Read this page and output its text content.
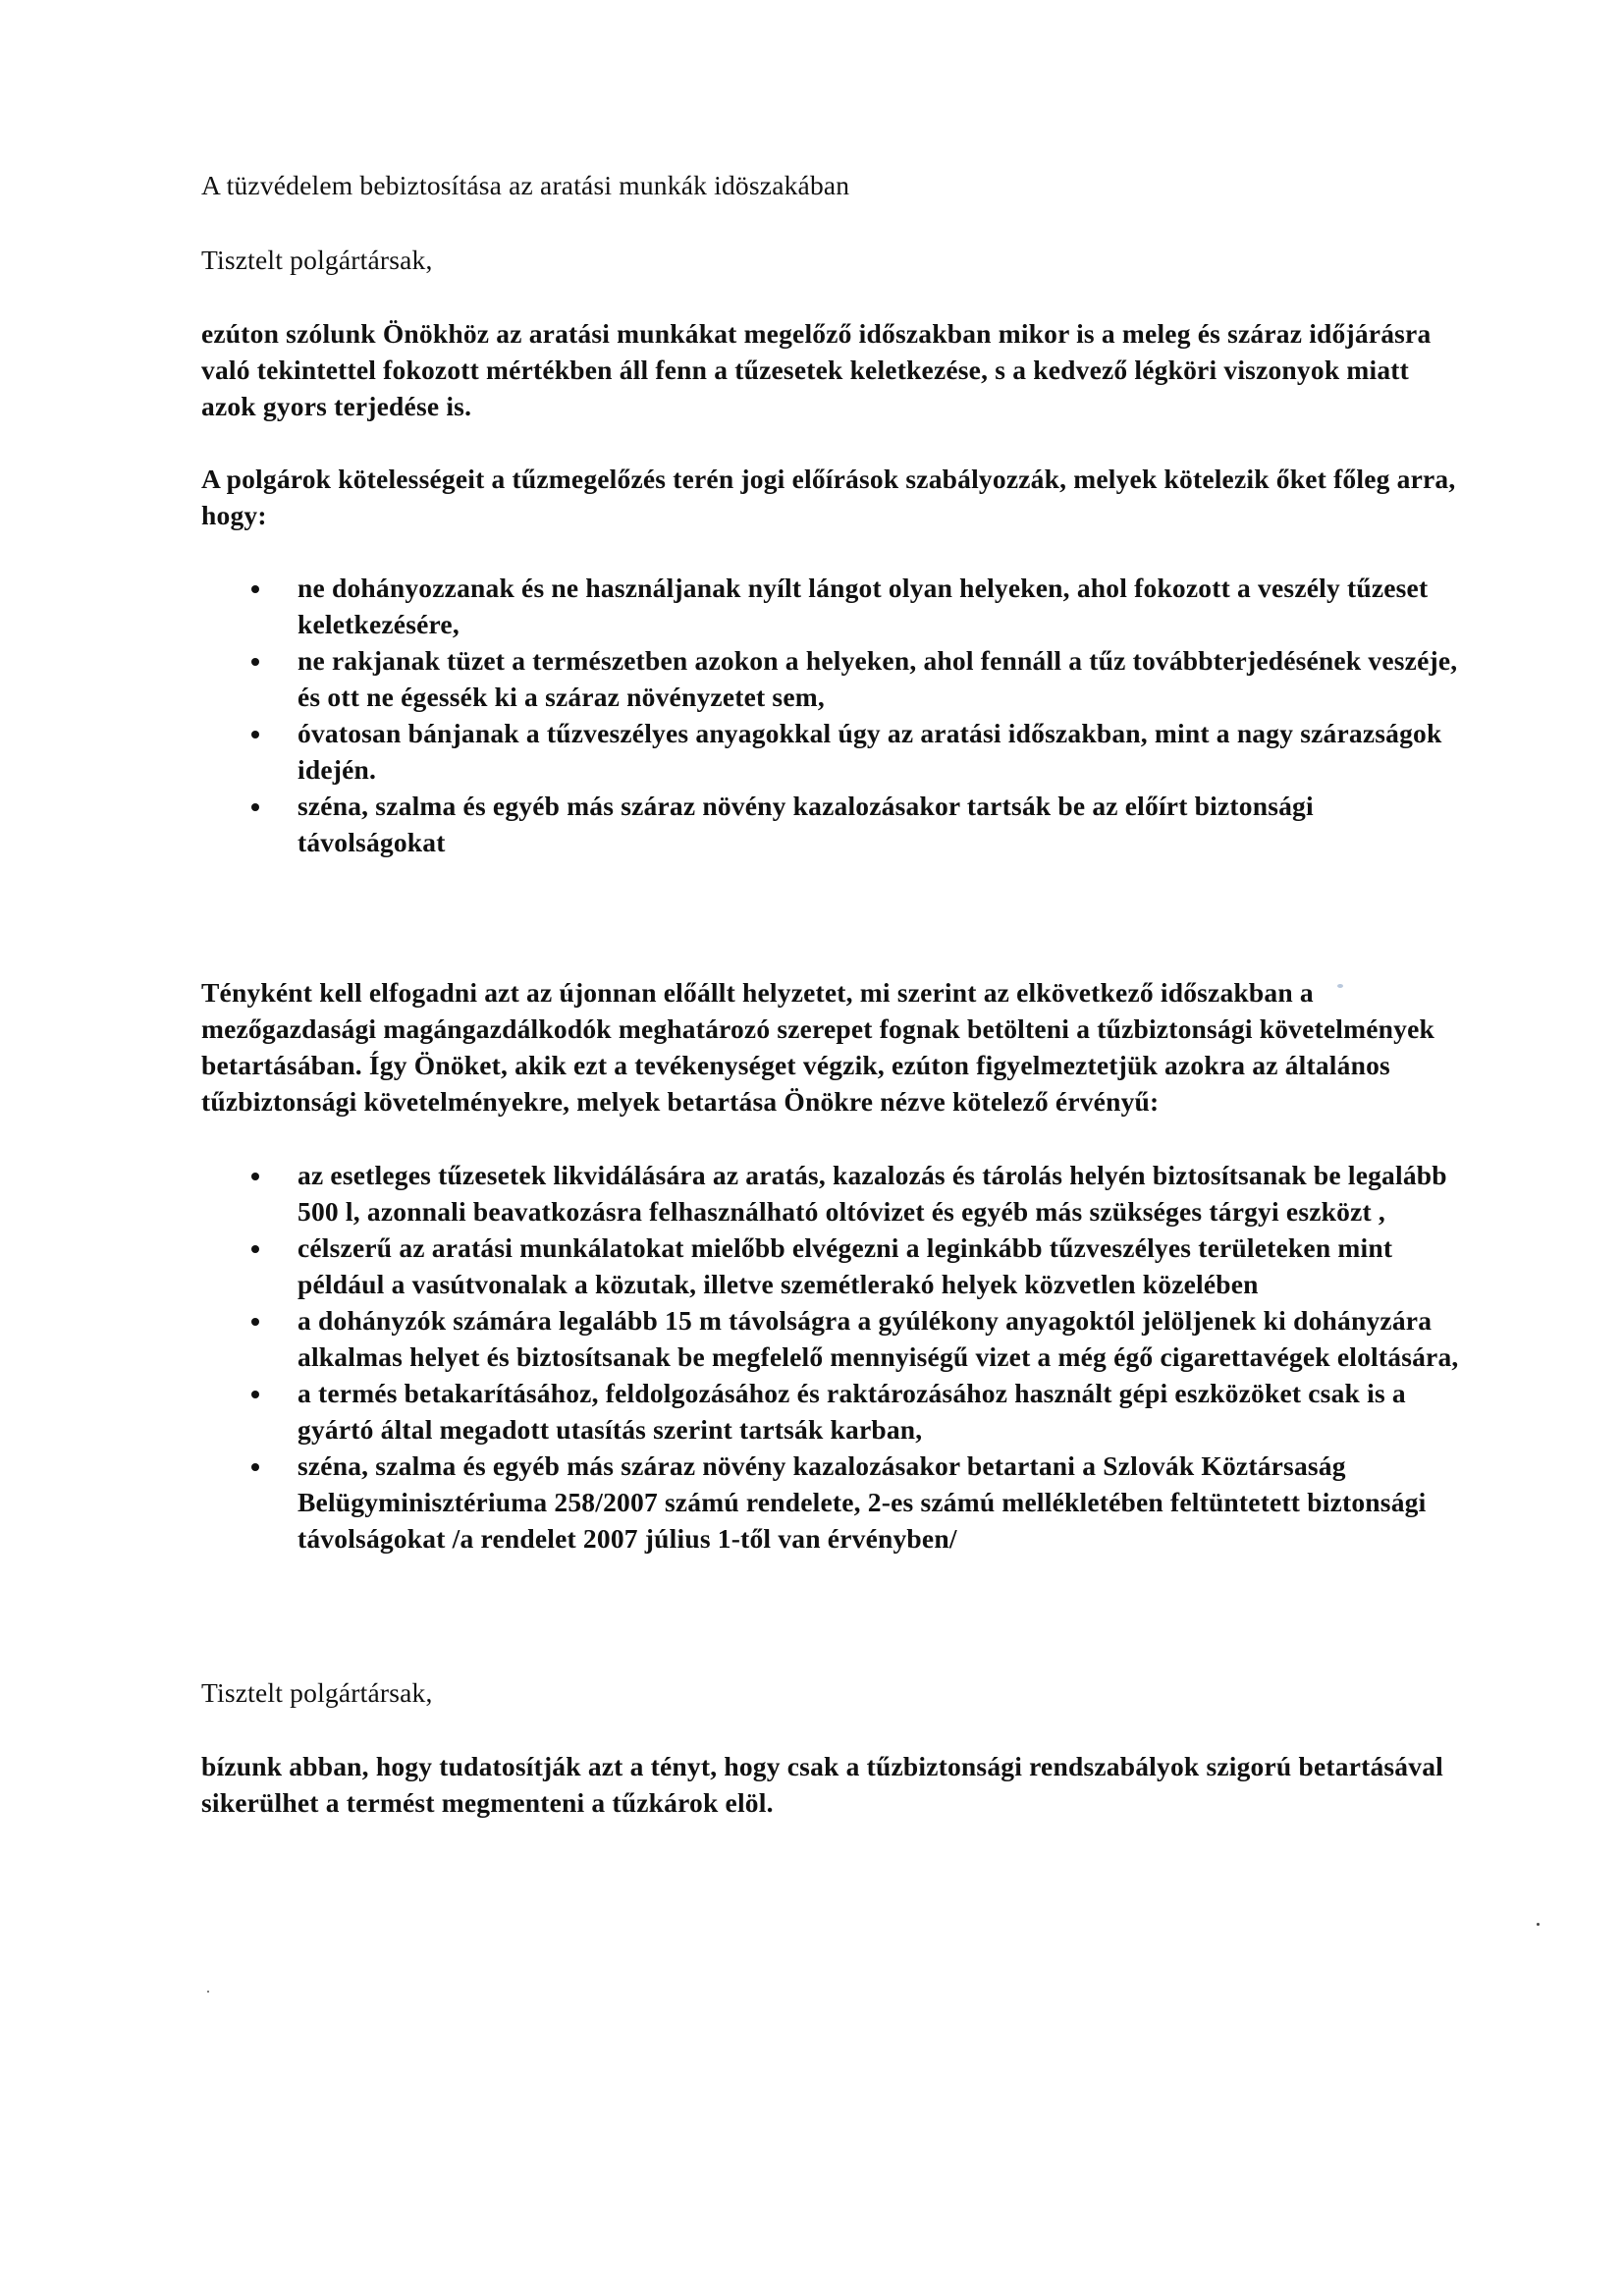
A tüzvédelem bebiztosítása az aratási munkák idöszakában

Tisztelt polgártársak,

ezúton szólunk Önökhöz az aratási munkákat megelőző időszakban mikor is a meleg és száraz időjárásra való tekintettel fokozott mértékben áll fenn a tűzesetek keletkezése, s a kedvező légköri viszonyok miatt azok gyors terjedése is.

A polgárok kötelességeit a tűzmegelőzés terén jogi előírások szabályozzák, melyek kötelezik őket főleg arra, hogy:

ne dohányozzanak és ne használjanak nyílt lángot olyan helyeken, ahol fokozott a veszély tűzeset keletkezésére,
ne rakjanak tüzet a természetben azokon a helyeken, ahol fennáll a tűz továbbterjedésének veszéje, és ott ne égessék ki a száraz növényzetet sem,
óvatosan bánjanak a tűzveszélyes anyagokkal úgy az aratási időszakban, mint a nagy szárazságok idején.
széna, szalma és egyéb más száraz növény kazalozásakor tartsák be az előírt biztonsági távolságokat

Tényként kell elfogadni azt az újonnan előállt helyzetet, mi szerint az elkövetkező időszakban a mezőgazdasági magángazdálkodók meghatározó szerepet fognak betölteni a tűzbiztonsági követelmények betartásában. Így Önöket, akik ezt a tevékenységet végzik, ezúton figyelmeztetjük azokra az általános tűzbiztonsági követelményekre, melyek betartása Önökre nézve kötelező érvényű:

az esetleges tűzesetek likvidálására az aratás, kazalozás és tárolás helyén biztosítsanak be legalább 500 l, azonnali beavatkozásra felhasználható oltóvizet és egyéb más szükséges tárgyi eszközt ,
célszerű az aratási munkálatokat mielőbb elvégezni a leginkább tűzveszélyes területeken mint például a vasútvonalak a közutak, illetve szemétlerakó helyek közvetlen közelében
a dohányzók számára legalább 15 m távolságra a gyúlékony anyagoktól jelöljenek ki dohányzára alkalmas helyet és biztosítsanak be megfelelő mennyiségű vizet a még égő cigarettavégek eloltására,
a termés betakarításához, feldolgozásához és raktározásához használt gépi eszközöket csak is a gyártó által megadott utasítás szerint tartsák karban,
széna, szalma és egyéb más száraz növény kazalozásakor betartani a Szlovák Köztársaság Belügyminisztériuma 258/2007 számú rendelete, 2-es számú mellékletében feltüntetett biztonsági távolságokat /a rendelet 2007 július 1-től van érvényben/

Tisztelt polgártársak,

bízunk abban, hogy tudatosítják azt a tényt, hogy csak a tűzbiztonsági rendszabályok szigorú betartásával sikerülhet a termést megmenteni a tűzkárok elöl.
